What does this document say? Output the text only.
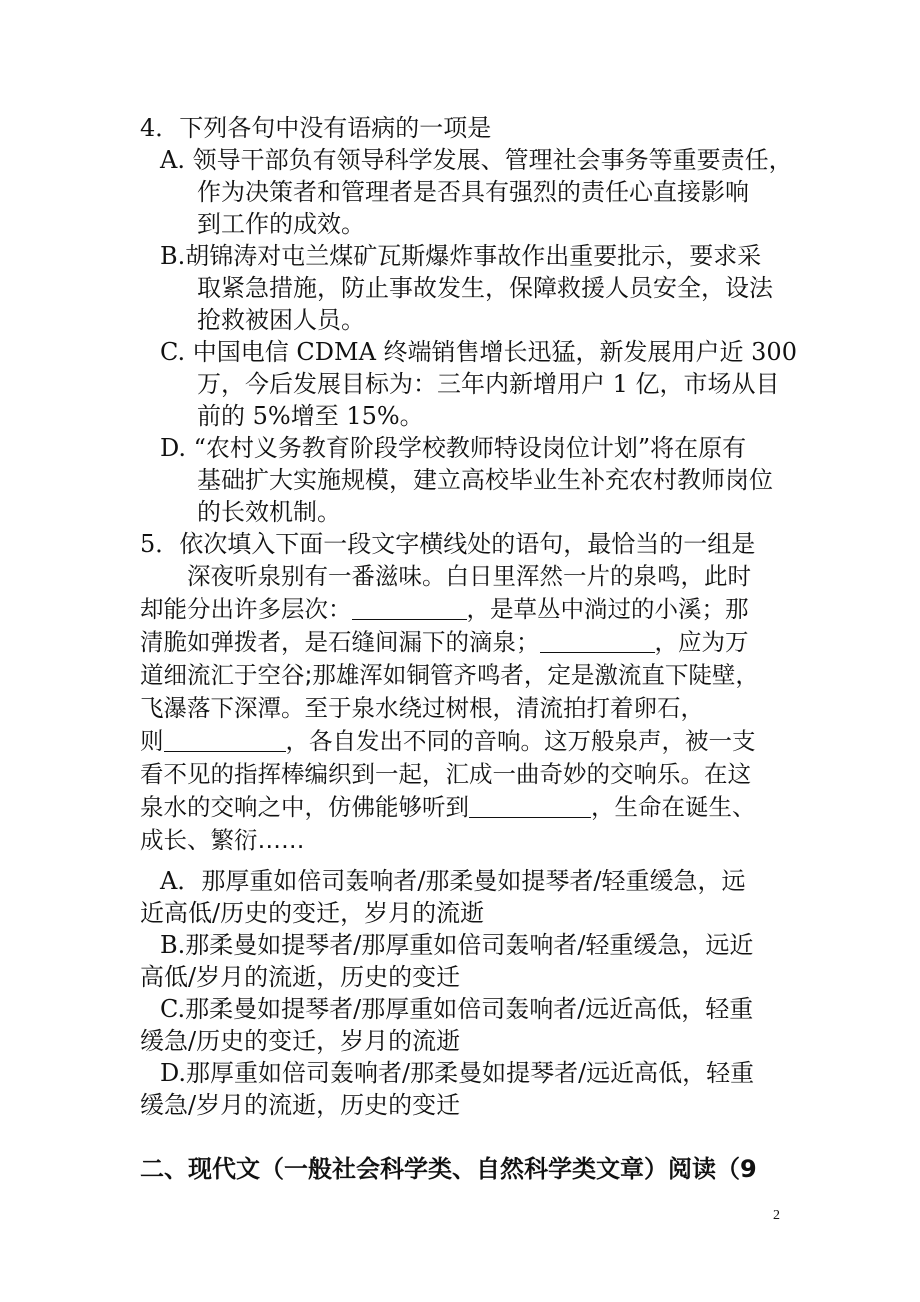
4．下列各句中没有语病的一项是
A. 领导干部负有领导科学发展、管理社会事务等重要责任，
作为决策者和管理者是否具有强烈的责任心直接影响
到工作的成效。
B.胡锦涛对屯兰煤矿瓦斯爆炸事故作出重要批示，要求采
取紧急措施，防止事故发生，保障救援人员安全，设法
抢救被困人员。
C. 中国电信 CDMA 终端销售增长迅猛，新发展用户近 300
万，今后发展目标为：三年内新增用户 1 亿，市场从目
前的 5%增至 15%。
D. “农村义务教育阶段学校教师特设岗位计划”将在原有
基础扩大实施规模，建立高校毕业生补充农村教师岗位
的长效机制。
5．依次填入下面一段文字横线处的语句，最恰当的一组是
深夜听泉别有一番滋味。白日里浑然一片的泉鸣，此时
却能分出许多层次：	，是草丛中淌过的小溪；那
清脆如弹拨者，是石缝间漏下的滴泉；	，应为万
道细流汇于空谷;那雄浑如铜管齐鸣者，定是激流直下陡壁，
飞瀑落下深潭。至于泉水绕过树根，清流拍打着卵石，
则	，各自发出不同的音响。这万般泉声，被一支
看不见的指挥棒编织到一起，汇成一曲奇妙的交响乐。在这
泉水的交响之中，仿佛能够听到	，生命在诞生、
成长、繁衍……
A．那厚重如倍司轰响者/那柔曼如提琴者/轻重缓急，远
近高低/历史的变迁，岁月的流逝
B.那柔曼如提琴者/那厚重如倍司轰响者/轻重缓急，远近
高低/岁月的流逝，历史的变迁
C.那柔曼如提琴者/那厚重如倍司轰响者/远近高低，轻重
缓急/历史的变迁，岁月的流逝
D.那厚重如倍司轰响者/那柔曼如提琴者/远近高低，轻重
缓急/岁月的流逝，历史的变迁
二、现代文（一般社会科学类、自然科学类文章）阅读（9
2
